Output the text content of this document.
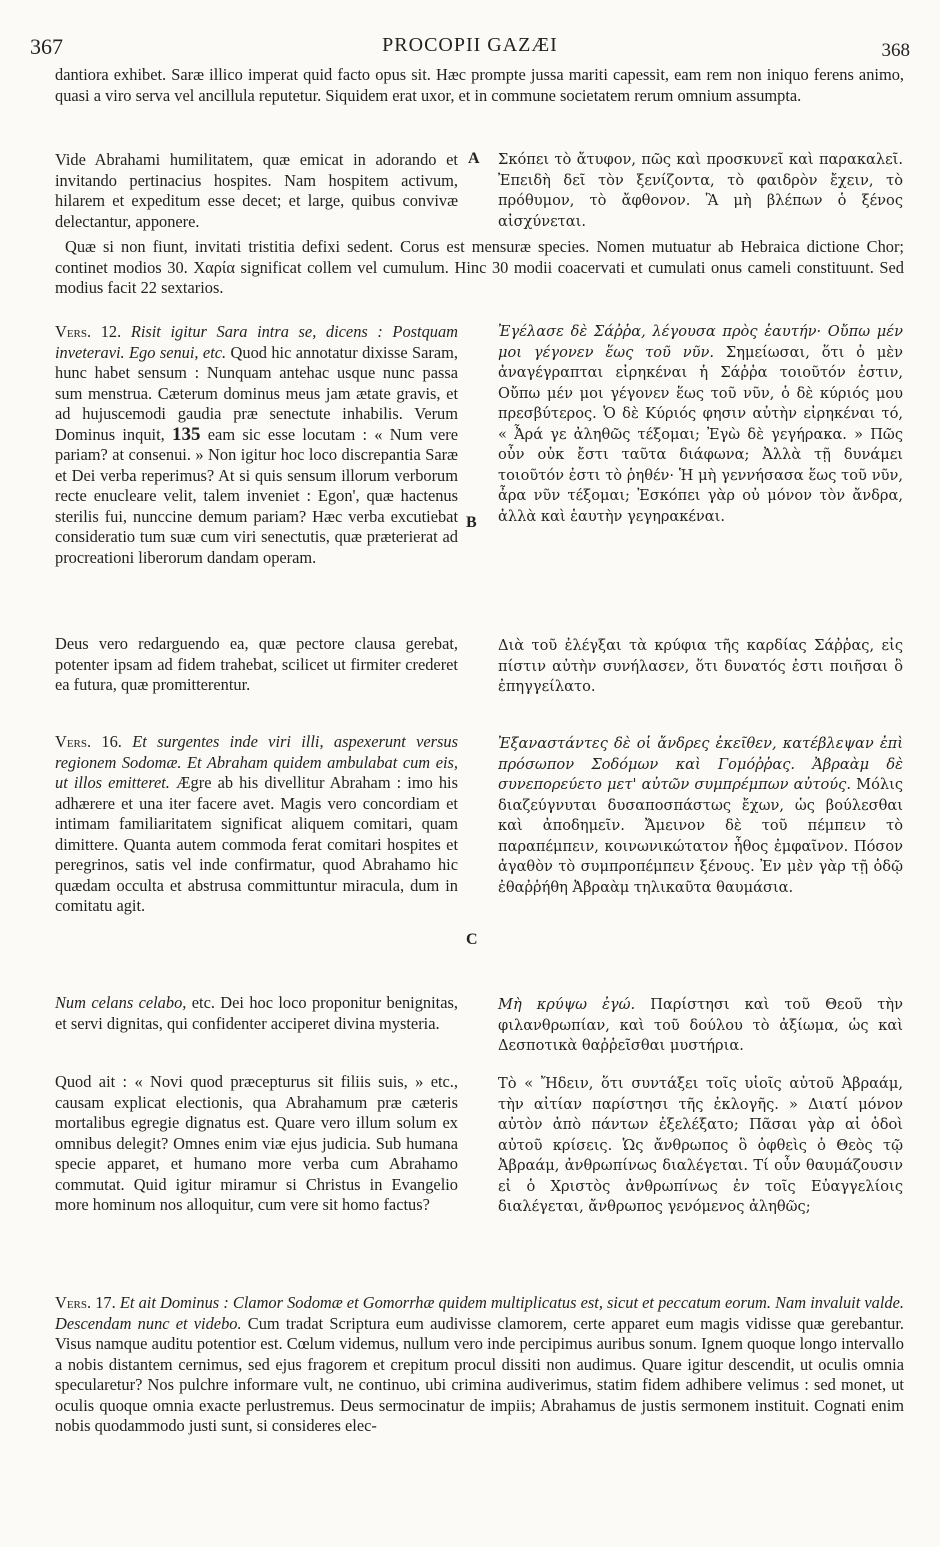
367	PROCOPII GAZÆI	368

dantiora exhibet. Saræ illico imperat quid facto opus sit. Hæc prompte jussa mariti capessit, eam rem non iniquo ferens animo, quasi a viro serva vel ancillula reputetur. Siquidem erat uxor, et in commune societatem rerum omnium assumpta.

Vide Abrahami humilitatem, quæ emicat in adorando et invitando pertinacius hospites. Nam hospitem activum, hilarem et expeditum esse decet; et large, quibus convivæ delectantur, apponere.

A Σκόπει τὸ ἄτυφον, πῶς καὶ προσκυνεῖ καὶ παρακαλεῖ. Ἐπειδὴ δεῖ τὸν ξενίζοντα, τὸ φαιδρὸν ἔχειν, τὸ πρόθυμον, τὸ ἄφθονον. Ἃ μὴ βλέπων ὁ ξένος αἰσχύνεται.

Quæ si non fiunt, invitati tristitia defixi sedent. Corus est mensuræ species. Nomen mutuatur ab Hebraica dictione Chor; continet modios 30. Χαρία significat collem vel cumulum. Hinc 30 modii coacervati et cumulati onus cameli constituunt. Sed modius facit 22 sextarios.

Vers. 12. Risit igitur Sara intra se, dicens : Postquam inveteravi. Ego senui, etc. Quod hic annotatur dixisse Saram, hunc habet sensum : Nunquam antehac usque nunc passa sum menstrua. Cæterum dominus meus jam ætate gravis, et ad hujuscemodi gaudia præ senectute inhabilis. Verum Dominus inquit, 135 eam sic esse locutam : « Num vere pariam? at consenui. » Non igitur hoc loco discrepantia Saræ et Dei verba reperimus? At si quis sensum illorum verborum recte enucleare velit, talem inveniet : Egon', quæ hactenus sterilis fui, nunccine demum pariam? Hæc verba excutiebat consideratio tum suæ cum viri senectutis, quæ præterierat ad procreationi liberorum dandam operam.
B
Ἐγέλασε δὲ Σάῤῥα, λέγουσα πρὸς ἑαυτήν· Οὔπω μέν μοι γέγονεν ἕως τοῦ νῦν. Σημείωσαι, ὅτι ὁ μὲν ἀναγέγραπται εἰρηκέναι ἡ Σάῤῥα τοιοῦτόν ἐστιν, Οὔπω μέν μοι γέγονεν ἕως τοῦ νῦν, ὁ δὲ κύριός μου πρεσβύτερος. Ὁ δὲ Κύριός φησιν αὐτὴν εἰρηκέναι τό, « Ἆρά γε ἀληθῶς τέξομαι; Ἐγὼ δὲ γεγήρακα. » Πῶς οὖν οὐκ ἔστι ταῦτα διάφωνα; Ἀλλὰ τῇ δυνάμει τοιοῦτόν ἐστι τὸ ῥηθέν· Ἡ μὴ γεννήσασα ἕως τοῦ νῦν, ἆρα νῦν τέξομαι; Ἐσκόπει γὰρ οὐ μόνον τὸν ἄνδρα, ἀλλὰ καὶ ἑαυτὴν γεγηρακέναι.

Deus vero redarguendo ea, quæ pectore clausa gerebat, potenter ipsam ad fidem trahebat, scilicet ut firmiter crederet ea futura, quæ promitterentur.

Διὰ τοῦ ἐλέγξαι τὰ κρύφια τῆς καρδίας Σάῤῥας, εἰς πίστιν αὐτὴν συνήλασεν, ὅτι δυνατός ἐστι ποιῆσαι ὃ ἐπηγγείλατο.

Vers. 16. Et surgentes inde viri illi, aspexerunt versus regionem Sodomæ. Et Abraham quidem ambulabat cum eis, ut illos emitteret. Ægre ab his divellitur Abraham : imo his adhærere et una iter facere avet. Magis vero concordiam et intimam familiaritatem significat aliquem comitari, quam dimittere. Quanta autem commoda ferat comitari hospites et peregrinos, satis vel inde confirmatur, quod Abrahamo hic quædam occulta et abstrusa committuntur miracula, dum in comitatu agit.
C
Ἐξαναστάντες δὲ οἱ ἄνδρες ἐκεῖθεν, κατέβλεψαν ἐπὶ πρόσωπον Σοδόμων καὶ Γομόῤῥας. Ἀβραὰμ δὲ συνεπορεύετο μετ' αὐτῶν συμπρέμπων αὐτούς. Μόλις διαζεύγνυται δυσαποσπάστως ἔχων, ὡς βούλεσθαι καὶ ἀποδημεῖν. Ἄμεινον δὲ τοῦ πέμπειν τὸ παραπέμπειν, κοινωνικώτατον ἦθος ἐμφαῖνον. Πόσον ἀγαθὸν τὸ συμπροπέμπειν ξένους. Ἐν μὲν γὰρ τῇ ὁδῷ ἐθαῤῥήθη Ἀβραὰμ τηλικαῦτα θαυμάσια.
Num celans celabo, etc. Dei hoc loco proponitur benignitas, et servi dignitas, qui confidenter acciperet divina mysteria.
Μὴ κρύψω ἐγώ. Παρίστησι καὶ τοῦ Θεοῦ τὴν φιλανθρωπίαν, καὶ τοῦ δούλου τὸ ἀξίωμα, ὡς καὶ Δεσποτικὰ θαῤῥεῖσθαι μυστήρια.

Quod ait : « Novi quod præcepturus sit filiis suis, » etc., causam explicat electionis, qua Abrahamum præ cæteris mortalibus egregie dignatus est. Quare vero illum solum ex omnibus delegit? Omnes enim viæ ejus judicia. Sub humana specie apparet, et humano more verba cum Abrahamo commutat. Quid igitur miramur si Christus in Evangelio more hominum nos alloquitur, cum vere sit homo factus?

Τὸ « Ἤδειν, ὅτι συντάξει τοῖς υἱοῖς αὐτοῦ Ἀβραάμ, τὴν αἰτίαν παρίστησι τῆς ἐκλογῆς. » Διατί μόνον αὐτὸν ἀπὸ πάντων ἐξελέξατο; Πᾶσαι γὰρ αἱ ὁδοὶ αὐτοῦ κρίσεις. Ὡς ἄνθρωπος ὃ ὀφθεὶς ὁ Θεὸς τῷ Ἀβραάμ, ἀνθρωπίνως διαλέγεται. Τί οὖν θαυμάζουσιν εἰ ὁ Χριστὸς ἀνθρωπίνως ἐν τοῖς Εὐαγγελίοις διαλέγεται, ἄνθρωπος γενόμενος ἀληθῶς;

Vers. 17. Et ait Dominus : Clamor Sodomæ et Gomorrhæ quidem multiplicatus est, sicut et peccatum eorum. Nam invaluit valde. Descendam nunc et videbo. Cum tradat Scriptura eum audivisse clamorem, certe apparet eum magis vidisse quæ gerebantur. Visus namque auditu potentior est. Cœlum videmus, nullum vero inde percipimus auribus sonum. Ignem quoque longo intervallo a nobis distantem cernimus, sed ejus fragorem et crepitum procul dissiti non audimus. Quare igitur descendit, ut oculis omnia specularetur? Nos pulchre informare vult, ne continuo, ubi crimina audiverimus, statim fidem adhibere velimus : sed monet, ut oculis quoque omnia exacte perlustremus. Deus sermocinatur de impiis; Abrahamus de justis sermonem instituit. Cognati enim nobis quodammodo justi sunt, si consideres elec-
